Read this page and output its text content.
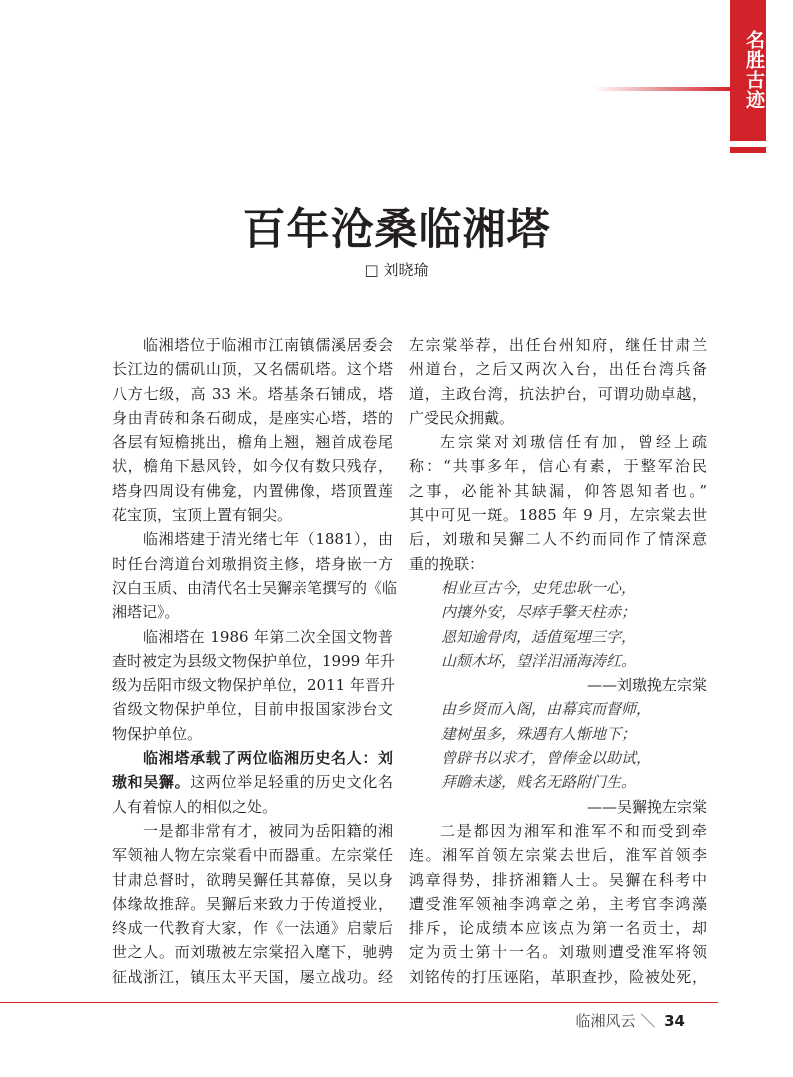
名胜古迹
百年沧桑临湘塔
□ 刘晓瑜
临湘塔位于临湘市江南镇儒溪居委会
长江边的儒矶山顶，又名儒矶塔。这个塔
八方七级，高 33 米。塔基条石铺成，塔
身由青砖和条石砌成，是座实心塔，塔的
各层有短檐挑出，檐角上翘，翘首成卷尾
状，檐角下悬风铃，如今仅有数只残存，
塔身四周设有佛龛，内置佛像，塔顶置莲
花宝顶，宝顶上置有铜尖。
临湘塔建于清光绪七年（1881），由
时任台湾道台刘璈捐资主修，塔身嵌一方
汉白玉质、由清代名士吴獬亲笔撰写的《临
湘塔记》。
临湘塔在 1986 年第二次全国文物普
查时被定为县级文物保护单位，1999 年升
级为岳阳市级文物保护单位，2011 年晋升
省级文物保护单位，目前申报国家涉台文
物保护单位。
临湘塔承载了两位临湘历史名人：刘
璈和吴獬。这两位举足轻重的历史文化名
人有着惊人的相似之处。
一是都非常有才，被同为岳阳籍的湘
军领袖人物左宗棠看中而器重。左宗棠任
甘肃总督时，欲聘吴獬任其幕僚，吴以身
体缘故推辞。吴獬后来致力于传道授业，
终成一代教育大家，作《一法通》启蒙后
世之人。而刘璈被左宗棠招入麾下，驰骋
征战浙江，镇压太平天国，屡立战功。经
左宗棠举荐，出任台州知府，继任甘肃兰
州道台，之后又两次入台，出任台湾兵备
道，主政台湾，抗法护台，可谓功勋卓越，
广受民众拥戴。
左宗棠对刘璈信任有加，曾经上疏
称：“共事多年，信心有素，于整军治民
之事，必能补其缺漏，仰答恩知者也。”
其中可见一斑。1885 年 9 月，左宗棠去世
后，刘璈和吴獬二人不约而同作了情深意
重的挽联：
相业亘古今，史凭忠耿一心，
内攘外安，尽瘁手擎天柱赤；
恩知逾骨肉，适值冤埋三字，
山颓木坏，望洋泪涌海涛红。
——刘璈挽左宗棠
由乡贤而入阁，由幕宾而督师，
建树虽多，殊遇有人惭地下；
曾辟书以求才，曾俸金以助试，
拜瞻未遂，贱名无路附门生。
——吴獬挽左宗棠
二是都因为湘军和淮军不和而受到牵
连。湘军首领左宗棠去世后，淮军首领李
鸿章得势，排挤湘籍人士。吴獬在科考中
遭受淮军领袖李鸿章之弟，主考官李鸿藻
排斥，论成绩本应该点为第一名贡士，却
定为贡士第十一名。刘璈则遭受淮军将领
刘铭传的打压诬陷，革职查抄，险被处死，
临湘风云 ＼ 34
